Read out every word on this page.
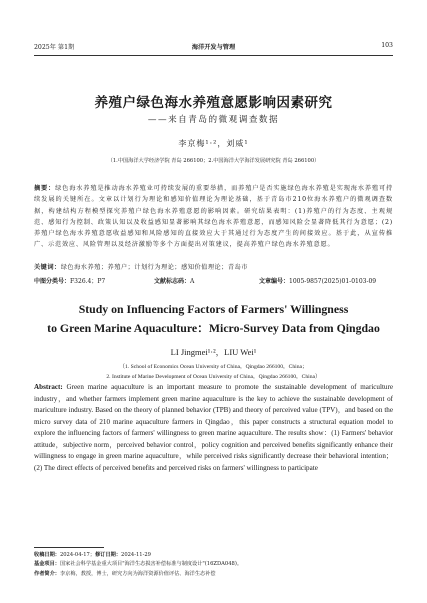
2025年 第1期	海洋开发与管理	103
养殖户绿色海水养殖意愿影响因素研究
——来自青岛的微观调查数据
李京梅¹·²，刘威¹
（1.中国海洋大学经济学院 青岛 266100；2.中国海洋大学海洋发展研究院 青岛 266100）
摘要：绿色海水养殖是推动海水养殖业可持续发展的重要举措，而养殖户是否实施绿色海水养殖是实现海水养殖可持续发展的关键所在。文章以计划行为理论和感知价值理论为理论基础，基于青岛市210位海水养殖户的微观调查数据，构建结构方程模型探究养殖户绿色海水养殖意愿的影响因素。研究结果表明：(1)养殖户的行为态度、主观规范、感知行为控制、政策认知以及收益感知显著影响其绿色海水养殖意愿，而感知风险会显著降低其行为意愿；(2)养殖户绿色海水养殖意愿收益感知和风险感知的直接效应大于其通过行为态度产生的间接效应。基于此，从宣传推广、示范效应、风险管理以及经济激励等多个方面提出对策建议，提高养殖户绿色海水养殖意愿。
关键词：绿色海水养殖；养殖户；计划行为理论；感知价值理论；青岛市
中图分类号：F326.4；P7	文献标志码：A	文章编号：1005-9857(2025)01-0103-09
Study on Influencing Factors of Farmers' Willingness
to Green Marine Aquaculture：Micro-Survey Data from Qingdao
LI Jingmei¹·²，LIU Wei¹
（1. School of Economics Ocean University of China，Qingdao 266100，China；
2. Institute of Marine Development of Ocean University of China，Qingdao 266100，China）
Abstract: Green marine aquaculture is an important measure to promote the sustainable development of mariculture industry，and whether farmers implement green marine aquaculture is the key to achieve the sustainable development of mariculture industry. Based on the theory of planned behavior (TPB) and theory of perceived value (TPV)，and based on the micro survey data of 210 marine aquaculture farmers in Qingdao，this paper constructs a structural equation model to explore the influencing factors of farmers' willingness to green marine aquaculture. The results show：(1) Farmers' behavior attitude，subjective norm，perceived behavior control，policy cognition and perceived benefits significantly enhance their willingness to engage in green marine aquaculture，while perceived risks significantly decrease their behavioral intention；(2) The direct effects of perceived benefits and perceived risks on farmers' willingness to participate
收稿日期：2024-04-17；修订日期：2024-11-29
基金项目：国家社会科学基金重大项目"海洋生态损害补偿标准与制度设计"(16ZDA048)。
作者简介：李京梅，教授，博士，研究方向为海洋资源价值评估、海洋生态补偿
